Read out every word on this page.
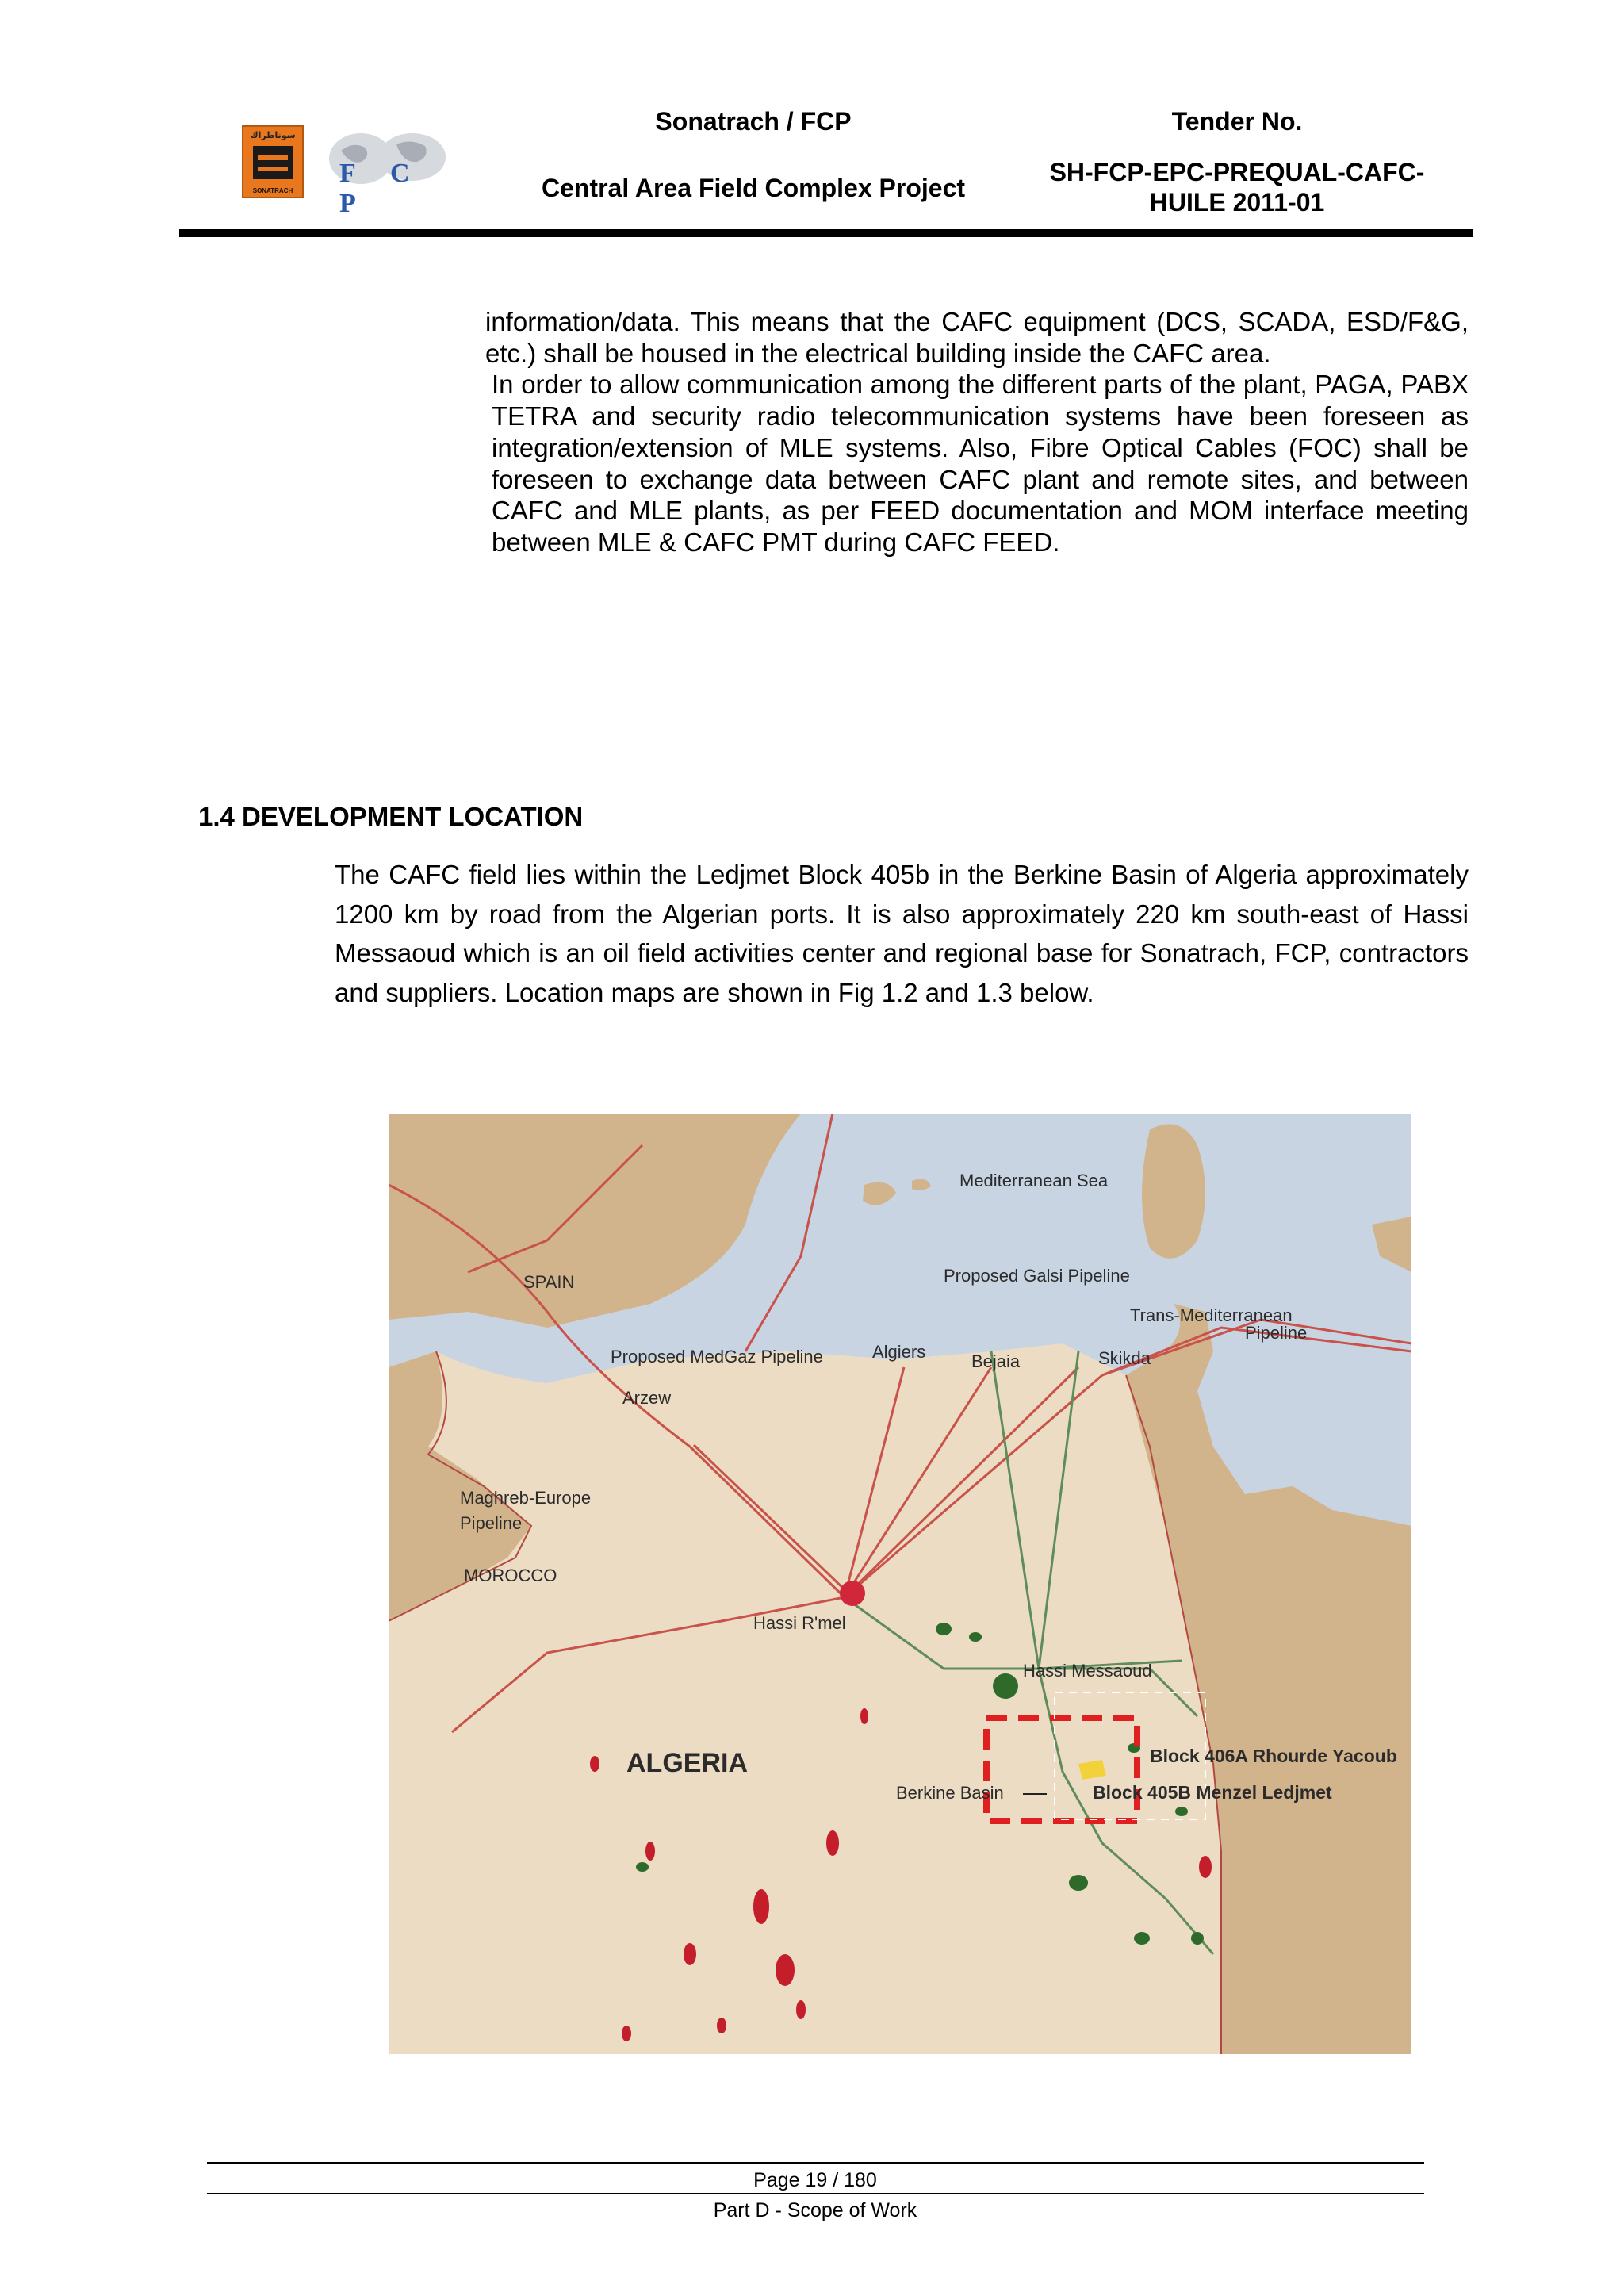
سوناطراك
SONATRACH
F C P
Sonatrach / FCP
Central Area Field Complex Project
Tender No.
SH-FCP-EPC-PREQUAL-CAFC-
HUILE 2011-01
information/data. This means that the CAFC equipment (DCS, SCADA, ESD/F&G, etc.) shall be housed in the electrical building inside the CAFC area.
In order to allow communication among the different parts of the plant, PAGA, PABX TETRA and security radio telecommunication systems have been foreseen as integration/extension of MLE systems. Also, Fibre Optical Cables (FOC) shall be foreseen to exchange data between CAFC plant and remote sites, and between CAFC and MLE plants, as per FEED documentation and MOM interface meeting between MLE & CAFC PMT during CAFC FEED.
1.4 DEVELOPMENT LOCATION
The CAFC field lies within the Ledjmet Block 405b in the Berkine Basin of Algeria approximately 1200 km by road from the Algerian ports. It is also approximately 220 km south-east of Hassi Messaoud which is an oil field activities center and regional base for Sonatrach, FCP, contractors and suppliers. Location maps are shown in Fig 1.2 and 1.3 below.
Mediterranean Sea
SPAIN	Proposed Galsi Pipeline
Trans-Mediterranean
Pipeline
Proposed MedGaz Pipeline	Algiers	Bejaia	Skikda
Arzew
Maghreb-Europe
Pipeline
MOROCCO
Hassi R'mel
Hassi Messaoud
ALGERIA
Berkine Basin
Block 406A Rhourde Yacoub
Block 405B Menzel Ledjmet
Page 19 / 180
Part D - Scope of Work
